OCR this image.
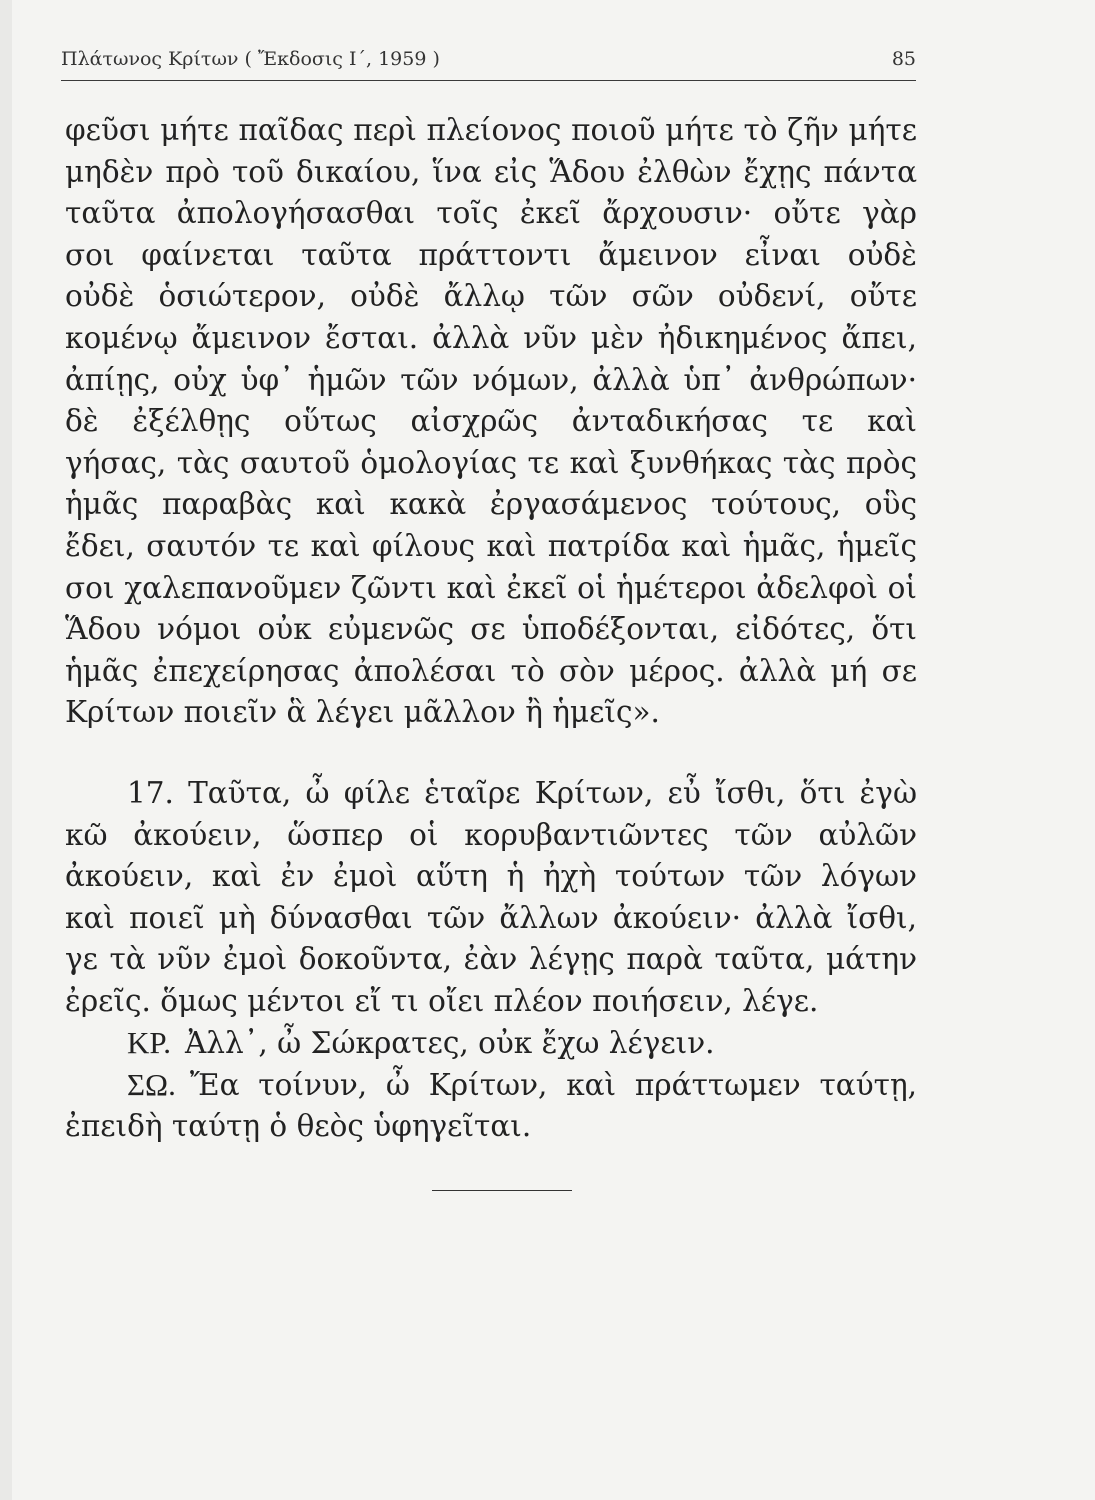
Πλάτωνος Κρίτων ( Ἔκδοσις Ι΄, 1959 )	85
φεῦσι μήτε παῖδας περὶ πλείονος ποιοῦ μήτε τὸ ζῆν μήτε
μηδὲν πρὸ τοῦ δικαίου, ἵνα εἰς Ἅδου ἐλθὼν ἔχῃς πάντα
ταῦτα ἀπολογήσασθαι τοῖς ἐκεῖ ἄρχουσιν· οὔτε γὰρ
σοι φαίνεται ταῦτα πράττοντι ἄμεινον εἶναι οὐδὲ
οὐδὲ ὁσιώτερον, οὐδὲ ἄλλῳ τῶν σῶν οὐδενί, οὔτε
κομένῳ ἄμεινον ἔσται. ἀλλὰ νῦν μὲν ἠδικημένος ἄπει,
ἀπίῃς, οὐχ ὑφ᾽ ἡμῶν τῶν νόμων, ἀλλὰ ὑπ᾽ ἀνθρώπων·
δὲ ἐξέλθῃς οὕτως αἰσχρῶς ἀνταδικήσας τε καὶ
γήσας, τὰς σαυτοῦ ὁμολογίας τε καὶ ξυνθήκας τὰς πρὸς
ἡμᾶς παραβὰς καὶ κακὰ ἐργασάμενος τούτους, οὓς
ἔδει, σαυτόν τε καὶ φίλους καὶ πατρίδα καὶ ἡμᾶς, ἡμεῖς
σοι χαλεπανοῦμεν ζῶντι καὶ ἐκεῖ οἱ ἡμέτεροι ἀδελφοὶ οἱ
Ἅδου νόμοι οὐκ εὐμενῶς σε ὑποδέξονται, εἰδότες, ὅτι
ἡμᾶς ἐπεχείρησας ἀπολέσαι τὸ σὸν μέρος. ἀλλὰ μή σε
Κρίτων ποιεῖν ἃ λέγει μᾶλλον ἢ ἡμεῖς».
17. Ταῦτα, ὦ φίλε ἑταῖρε Κρίτων, εὖ ἴσθι, ὅτι ἐγὼ
κῶ ἀκούειν, ὥσπερ οἱ κορυβαντιῶντες τῶν αὐλῶν
ἀκούειν, καὶ ἐν ἐμοὶ αὕτη ἡ ἠχὴ τούτων τῶν λόγων
καὶ ποιεῖ μὴ δύνασθαι τῶν ἄλλων ἀκούειν· ἀλλὰ ἴσθι,
γε τὰ νῦν ἐμοὶ δοκοῦντα, ἐὰν λέγῃς παρὰ ταῦτα, μάτην
ἐρεῖς. ὅμως μέντοι εἴ τι οἴει πλέον ποιήσειν, λέγε.
ΚΡ. Ἀλλ᾽, ὦ Σώκρατες, οὐκ ἔχω λέγειν.
ΣΩ. Ἔα τοίνυν, ὦ Κρίτων, καὶ πράττωμεν ταύτῃ,
ἐπειδὴ ταύτῃ ὁ θεὸς ὑφηγεῖται.
